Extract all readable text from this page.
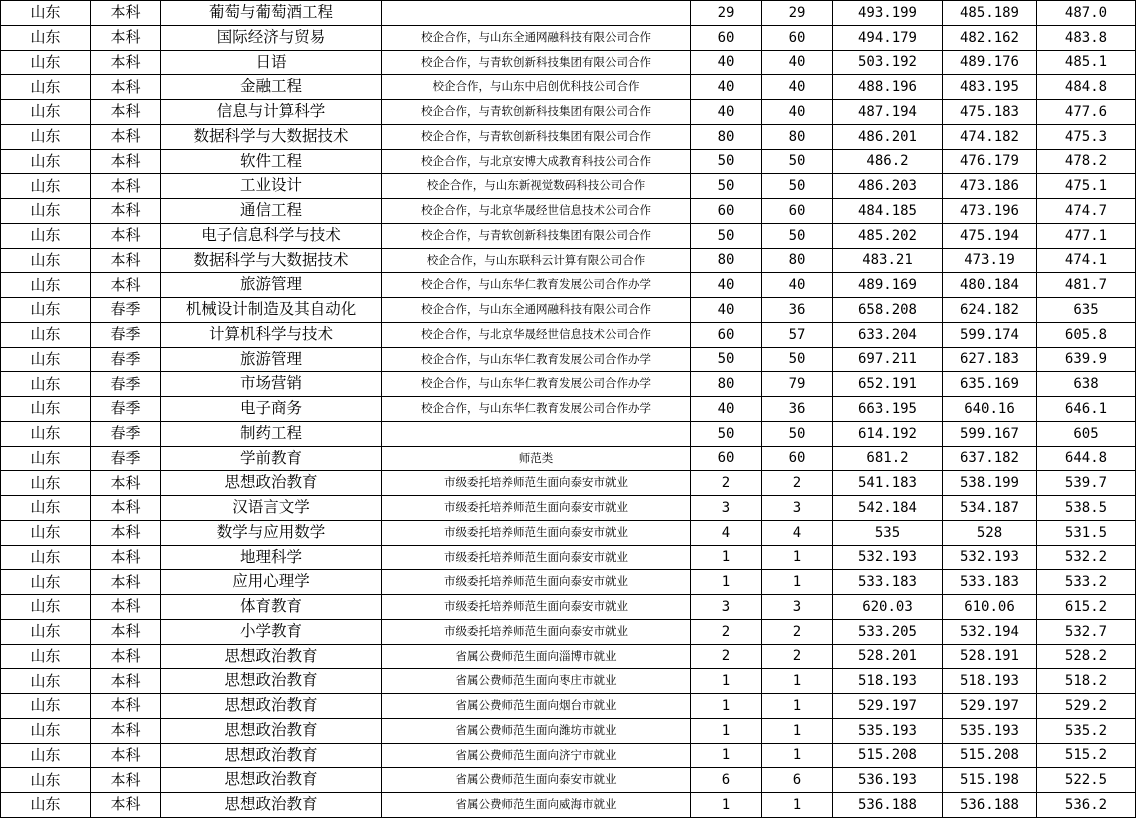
山东	本科	葡萄与葡萄酒工程		29	29	493.199	485.189	487.0
山东	本科	国际经济与贸易	校企合作，与山东全通网融科技有限公司合作	60	60	494.179	482.162	483.8
山东	本科	日语	校企合作，与青软创新科技集团有限公司合作	40	40	503.192	489.176	485.1
山东	本科	金融工程	校企合作，与山东中启创优科技公司合作	40	40	488.196	483.195	484.8
山东	本科	信息与计算科学	校企合作，与青软创新科技集团有限公司合作	40	40	487.194	475.183	477.6
山东	本科	数据科学与大数据技术	校企合作，与青软创新科技集团有限公司合作	80	80	486.201	474.182	475.3
山东	本科	软件工程	校企合作，与北京安博大成教育科技公司合作	50	50	486.2	476.179	478.2
山东	本科	工业设计	校企合作，与山东新视觉数码科技公司合作	50	50	486.203	473.186	475.1
山东	本科	通信工程	校企合作，与北京华晟经世信息技术公司合作	60	60	484.185	473.196	474.7
山东	本科	电子信息科学与技术	校企合作，与青软创新科技集团有限公司合作	50	50	485.202	475.194	477.1
山东	本科	数据科学与大数据技术	校企合作，与山东联科云计算有限公司合作	80	80	483.21	473.19	474.1
山东	本科	旅游管理	校企合作，与山东华仁教育发展公司合作办学	40	40	489.169	480.184	481.7
山东	春季	机械设计制造及其自动化	校企合作，与山东全通网融科技有限公司合作	40	36	658.208	624.182	635
山东	春季	计算机科学与技术	校企合作，与北京华晟经世信息技术公司合作	60	57	633.204	599.174	605.8
山东	春季	旅游管理	校企合作，与山东华仁教育发展公司合作办学	50	50	697.211	627.183	639.9
山东	春季	市场营销	校企合作，与山东华仁教育发展公司合作办学	80	79	652.191	635.169	638
山东	春季	电子商务	校企合作，与山东华仁教育发展公司合作办学	40	36	663.195	640.16	646.1
山东	春季	制药工程		50	50	614.192	599.167	605
山东	春季	学前教育	师范类	60	60	681.2	637.182	644.8
山东	本科	思想政治教育	市级委托培养师范生面向泰安市就业	2	2	541.183	538.199	539.7
山东	本科	汉语言文学	市级委托培养师范生面向泰安市就业	3	3	542.184	534.187	538.5
山东	本科	数学与应用数学	市级委托培养师范生面向泰安市就业	4	4	535	528	531.5
山东	本科	地理科学	市级委托培养师范生面向泰安市就业	1	1	532.193	532.193	532.2
山东	本科	应用心理学	市级委托培养师范生面向泰安市就业	1	1	533.183	533.183	533.2
山东	本科	体育教育	市级委托培养师范生面向泰安市就业	3	3	620.03	610.06	615.2
山东	本科	小学教育	市级委托培养师范生面向泰安市就业	2	2	533.205	532.194	532.7
山东	本科	思想政治教育	省属公费师范生面向淄博市就业	2	2	528.201	528.191	528.2
山东	本科	思想政治教育	省属公费师范生面向枣庄市就业	1	1	518.193	518.193	518.2
山东	本科	思想政治教育	省属公费师范生面向烟台市就业	1	1	529.197	529.197	529.2
山东	本科	思想政治教育	省属公费师范生面向潍坊市就业	1	1	535.193	535.193	535.2
山东	本科	思想政治教育	省属公费师范生面向济宁市就业	1	1	515.208	515.208	515.2
山东	本科	思想政治教育	省属公费师范生面向泰安市就业	6	6	536.193	515.198	522.5
山东	本科	思想政治教育	省属公费师范生面向威海市就业	1	1	536.188	536.188	536.2
